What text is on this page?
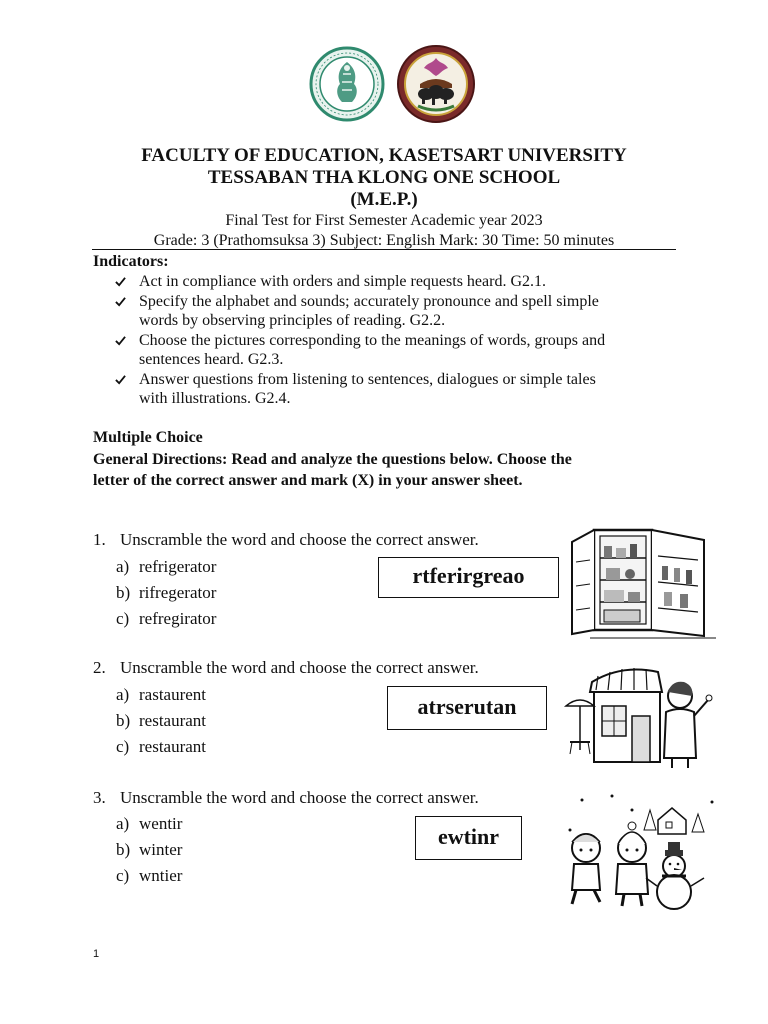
FACULTY OF EDUCATION, KASETSART UNIVERSITY
TESSABAN THA KLONG ONE SCHOOL
(M.E.P.)
Final Test for First Semester Academic year 2023
Grade: 3 (Prathomsuksa 3) Subject: English Mark: 30 Time: 50 minutes
Indicators:
Act in compliance with orders and simple requests heard. G2.1.
Specify the alphabet and sounds; accurately pronounce and spell simple
words by observing principles of reading. G2.2.
Choose the pictures corresponding to the meanings of words, groups and
sentences heard. G2.3.
Answer questions from listening to sentences, dialogues or simple tales
with illustrations. G2.4.
Multiple Choice
General Directions: Read and analyze the questions below. Choose the
letter of the correct answer and mark (X) in your answer sheet.
1. Unscramble the word and choose the correct answer.
a) refrigerator
b) rifregerator
c) refregirator
rtferirgreao
2. Unscramble the word and choose the correct answer.
a) rastaurent
b) restaurant
c) restaurant
atrserutan
3. Unscramble the word and choose the correct answer.
a) wentir
b) winter
c) wntier
ewtinr
1
